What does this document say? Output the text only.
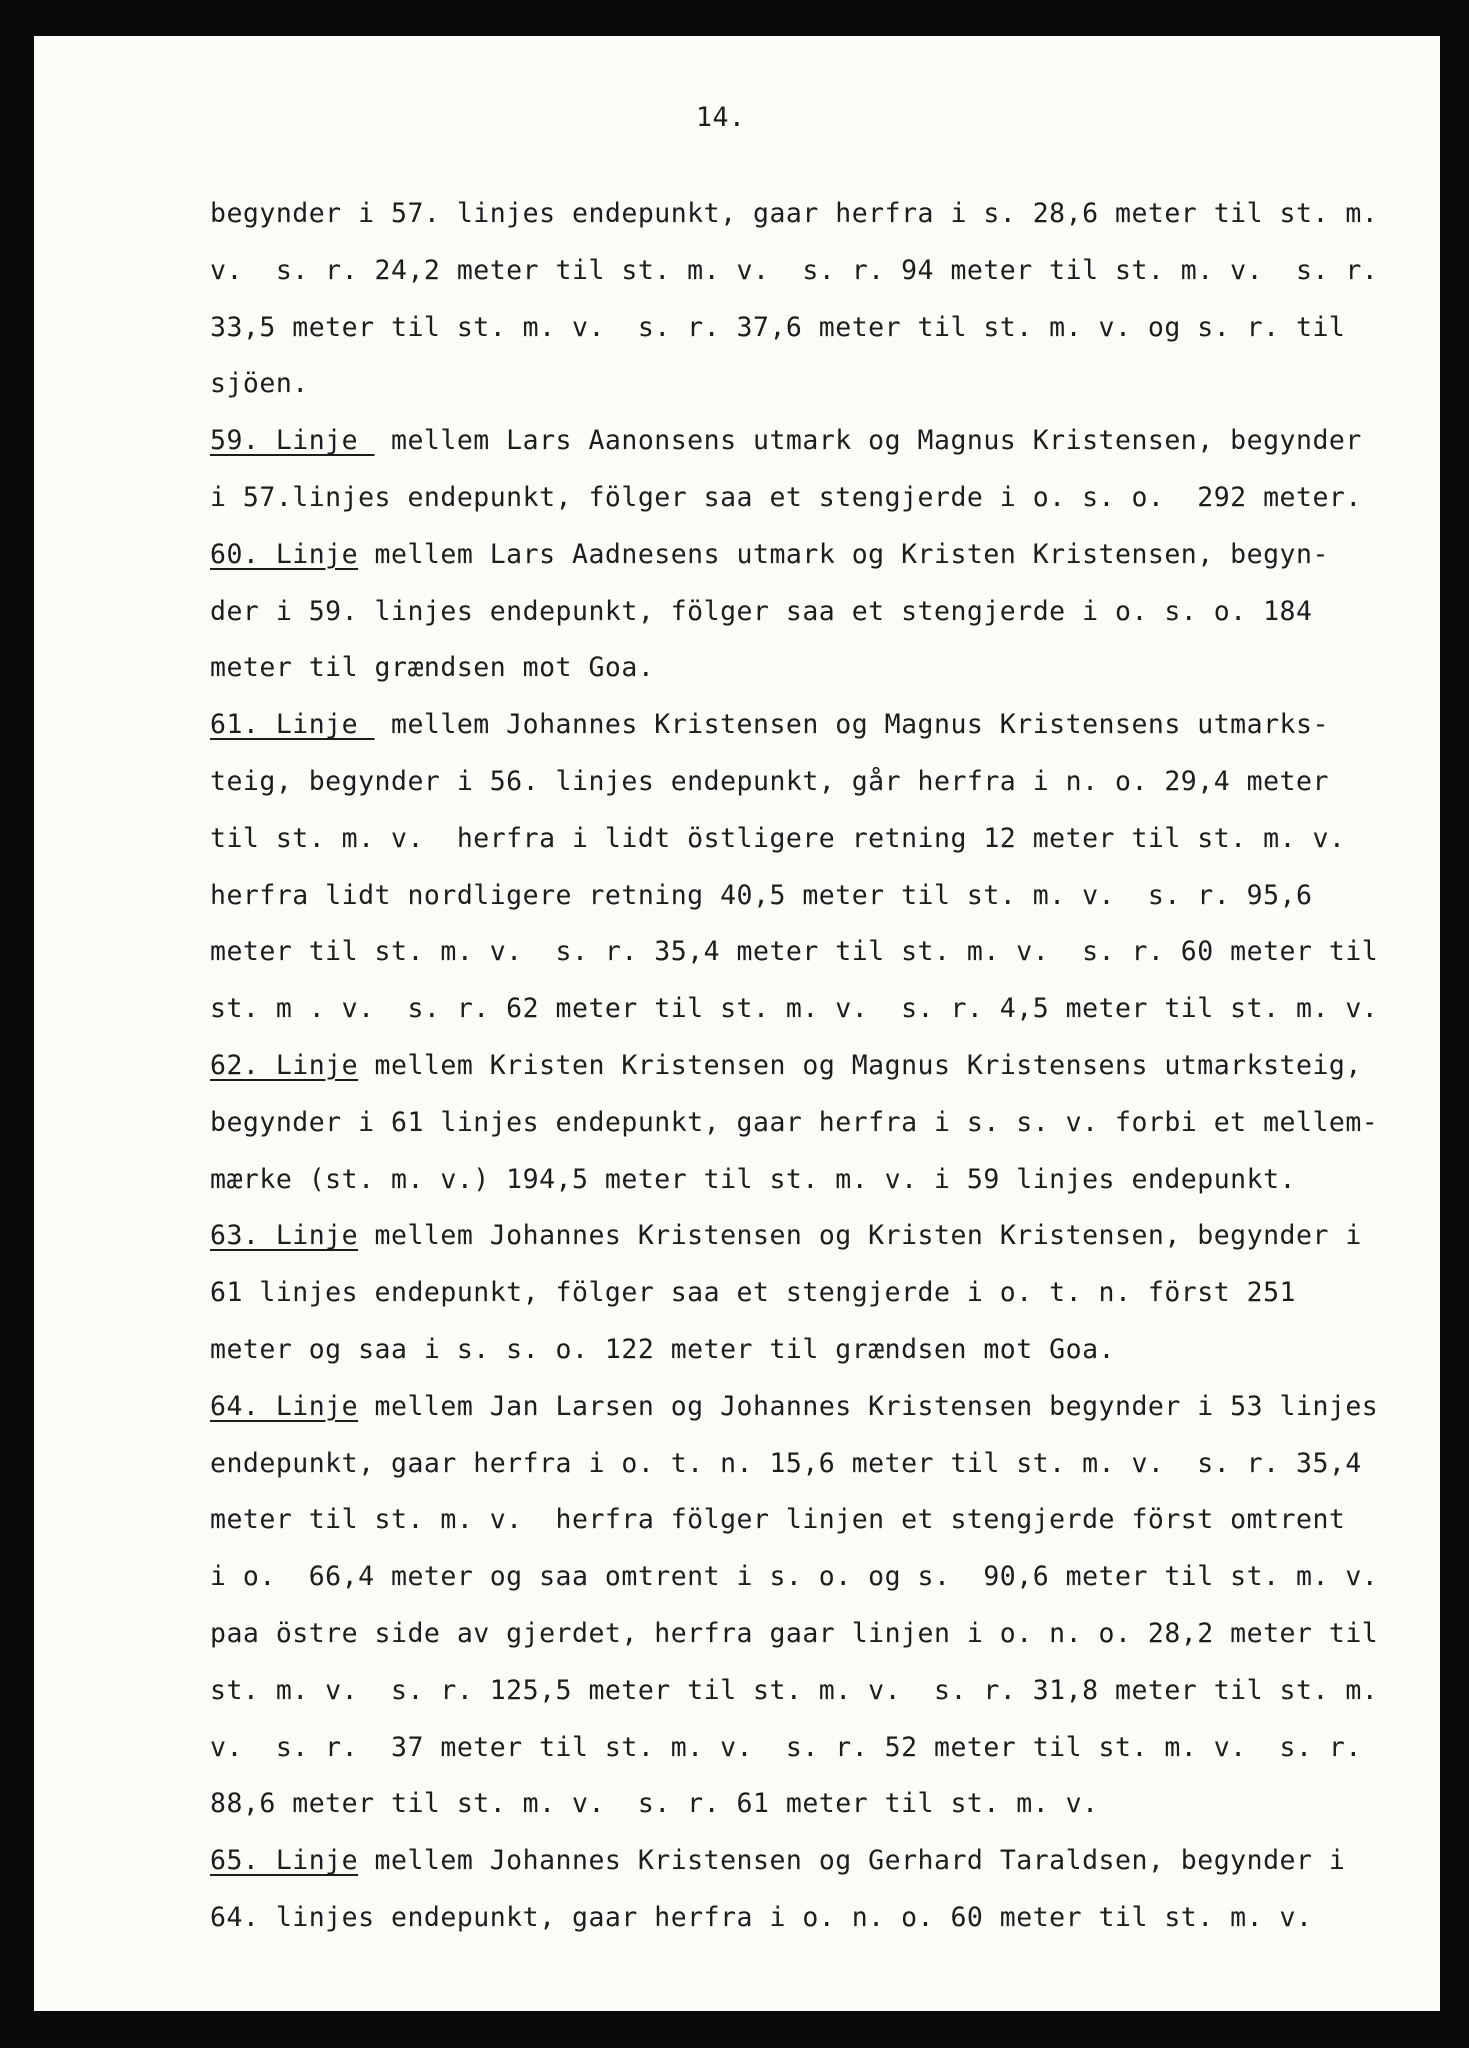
14.
begynder i 57. linjes endepunkt, gaar herfra i s. 28,6 meter til st. m.
v.  s. r. 24,2 meter til st. m. v.  s. r. 94 meter til st. m. v.  s. r.
33,5 meter til st. m. v.  s. r. 37,6 meter til st. m. v. og s. r. til
sjöen.
59. Linje  mellem Lars Aanonsens utmark og Magnus Kristensen, begynder
i 57.linjes endepunkt, fölger saa et stengjerde i o. s. o.  292 meter.
60. Linje mellem Lars Aadnesens utmark og Kristen Kristensen, begyn-
der i 59. linjes endepunkt, fölger saa et stengjerde i o. s. o. 184
meter til grændsen mot Goa.
61. Linje  mellem Johannes Kristensen og Magnus Kristensens utmarks-
teig, begynder i 56. linjes endepunkt, går herfra i n. o. 29,4 meter
til st. m. v.  herfra i lidt östligere retning 12 meter til st. m. v.
herfra lidt nordligere retning 40,5 meter til st. m. v.  s. r. 95,6
meter til st. m. v.  s. r. 35,4 meter til st. m. v.  s. r. 60 meter til
st. m . v.  s. r. 62 meter til st. m. v.  s. r. 4,5 meter til st. m. v.
62. Linje mellem Kristen Kristensen og Magnus Kristensens utmarksteig,
begynder i 61 linjes endepunkt, gaar herfra i s. s. v. forbi et mellem-
mærke (st. m. v.) 194,5 meter til st. m. v. i 59 linjes endepunkt.
63. Linje mellem Johannes Kristensen og Kristen Kristensen, begynder i
61 linjes endepunkt, fölger saa et stengjerde i o. t. n. först 251
meter og saa i s. s. o. 122 meter til grændsen mot Goa.
64. Linje mellem Jan Larsen og Johannes Kristensen begynder i 53 linjes
endepunkt, gaar herfra i o. t. n. 15,6 meter til st. m. v.  s. r. 35,4
meter til st. m. v.  herfra fölger linjen et stengjerde först omtrent
i o.  66,4 meter og saa omtrent i s. o. og s.  90,6 meter til st. m. v.
paa östre side av gjerdet, herfra gaar linjen i o. n. o. 28,2 meter til
st. m. v.  s. r. 125,5 meter til st. m. v.  s. r. 31,8 meter til st. m.
v.  s. r.  37 meter til st. m. v.  s. r. 52 meter til st. m. v.  s. r.
88,6 meter til st. m. v.  s. r. 61 meter til st. m. v.
65. Linje mellem Johannes Kristensen og Gerhard Taraldsen, begynder i
64. linjes endepunkt, gaar herfra i o. n. o. 60 meter til st. m. v.
